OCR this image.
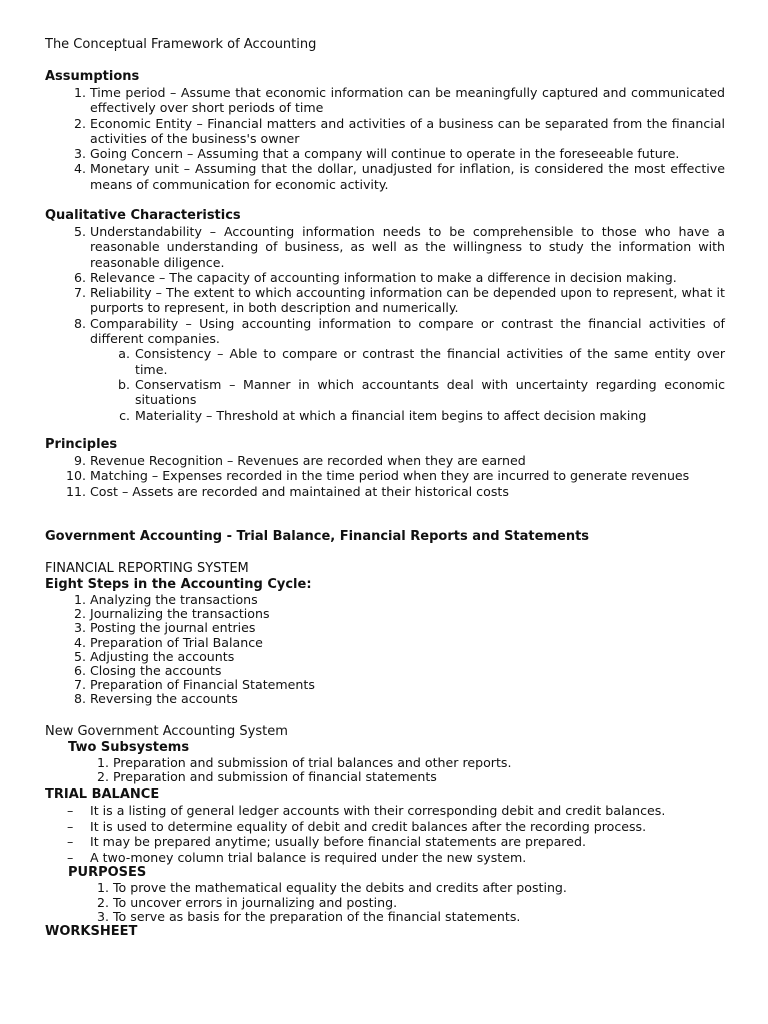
The Conceptual Framework of Accounting

Assumptions

1. Time period – Assume that economic information can be meaningfully captured and communicated effectively over short periods of time
2. Economic Entity – Financial matters and activities of a business can be separated from the financial activities of the business's owner
3. Going Concern – Assuming that a company will continue to operate in the foreseeable future.
4. Monetary unit – Assuming that the dollar, unadjusted for inflation, is considered the most effective means of communication for economic activity.

Qualitative Characteristics

5. Understandability – Accounting information needs to be comprehensible to those who have a reasonable understanding of business, as well as the willingness to study the information with reasonable diligence.
6. Relevance – The capacity of accounting information to make a difference in decision making.
7. Reliability – The extent to which accounting information can be depended upon to represent, what it purports to represent, in both description and numerically.
8. Comparability – Using accounting information to compare or contrast the financial activities of different companies.
a. Consistency – Able to compare or contrast the financial activities of the same entity over time.
b. Conservatism – Manner in which accountants deal with uncertainty regarding economic situations
c. Materiality – Threshold at which a financial item begins to affect decision making

Principles

9. Revenue Recognition – Revenues are recorded when they are earned
10. Matching – Expenses recorded in the time period when they are incurred to generate revenues
11. Cost – Assets are recorded and maintained at their historical costs

Government Accounting - Trial Balance, Financial Reports and Statements

FINANCIAL REPORTING SYSTEM

Eight Steps in the Accounting Cycle:

1. Analyzing the transactions
2. Journalizing the transactions
3. Posting the journal entries
4. Preparation of Trial Balance
5. Adjusting the accounts
6. Closing the accounts
7. Preparation of Financial Statements
8. Reversing the accounts

New Government Accounting System

Two Subsystems

1. Preparation and submission of trial balances and other reports.
2. Preparation and submission of financial statements

TRIAL BALANCE

– It is a listing of general ledger accounts with their corresponding debit and credit balances.
– It is used to determine equality of debit and credit balances after the recording process.
– It may be prepared anytime; usually before financial statements are prepared.
– A two-money column trial balance is required under the new system.

PURPOSES

1. To prove the mathematical equality the debits and credits after posting.
2. To uncover errors in journalizing and posting.
3. To serve as basis for the preparation of the financial statements.

WORKSHEET
